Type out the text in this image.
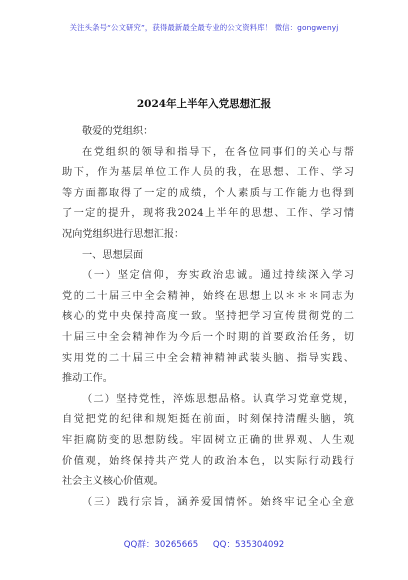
关注头条号“公文研究”，获得最新最全最专业的公文资料库！ 微信：gongwenyj
2024年上半年入党思想汇报
敬爱的党组织：
在党组织的领导和指导下，在各位同事们的关心与帮
助下，作为基层单位工作人员的我，在思想、工作、学习
等方面都取得了一定的成绩，个人素质与工作能力也得到
了一定的提升，现将我2024上半年的思想、工作、学习情
况向党组织进行思想汇报：
一、思想层面
（一）坚定信仰，夯实政治忠诚。通过持续深入学习
党的二十届三中全会精神，始终在思想上以＊＊＊同志为
核心的党中央保持高度一致。坚持把学习宣传贯彻党的二
十届三中全会精神作为今后一个时期的首要政治任务，切
实用党的二十届三中全会精神精神武装头脑、指导实践、
推动工作。
（二）坚持党性，淬炼思想品格。认真学习党章党规，
自觉把党的纪律和规矩挺在前面，时刻保持清醒头脑，筑
牢拒腐防变的思想防线。牢固树立正确的世界观、人生观
价值观，始终保持共产党人的政治本色，以实际行动践行
社会主义核心价值观。
（三）践行宗旨，涵养爱国情怀。始终牢记全心全意
QQ群：30265665 QQ：535304092
